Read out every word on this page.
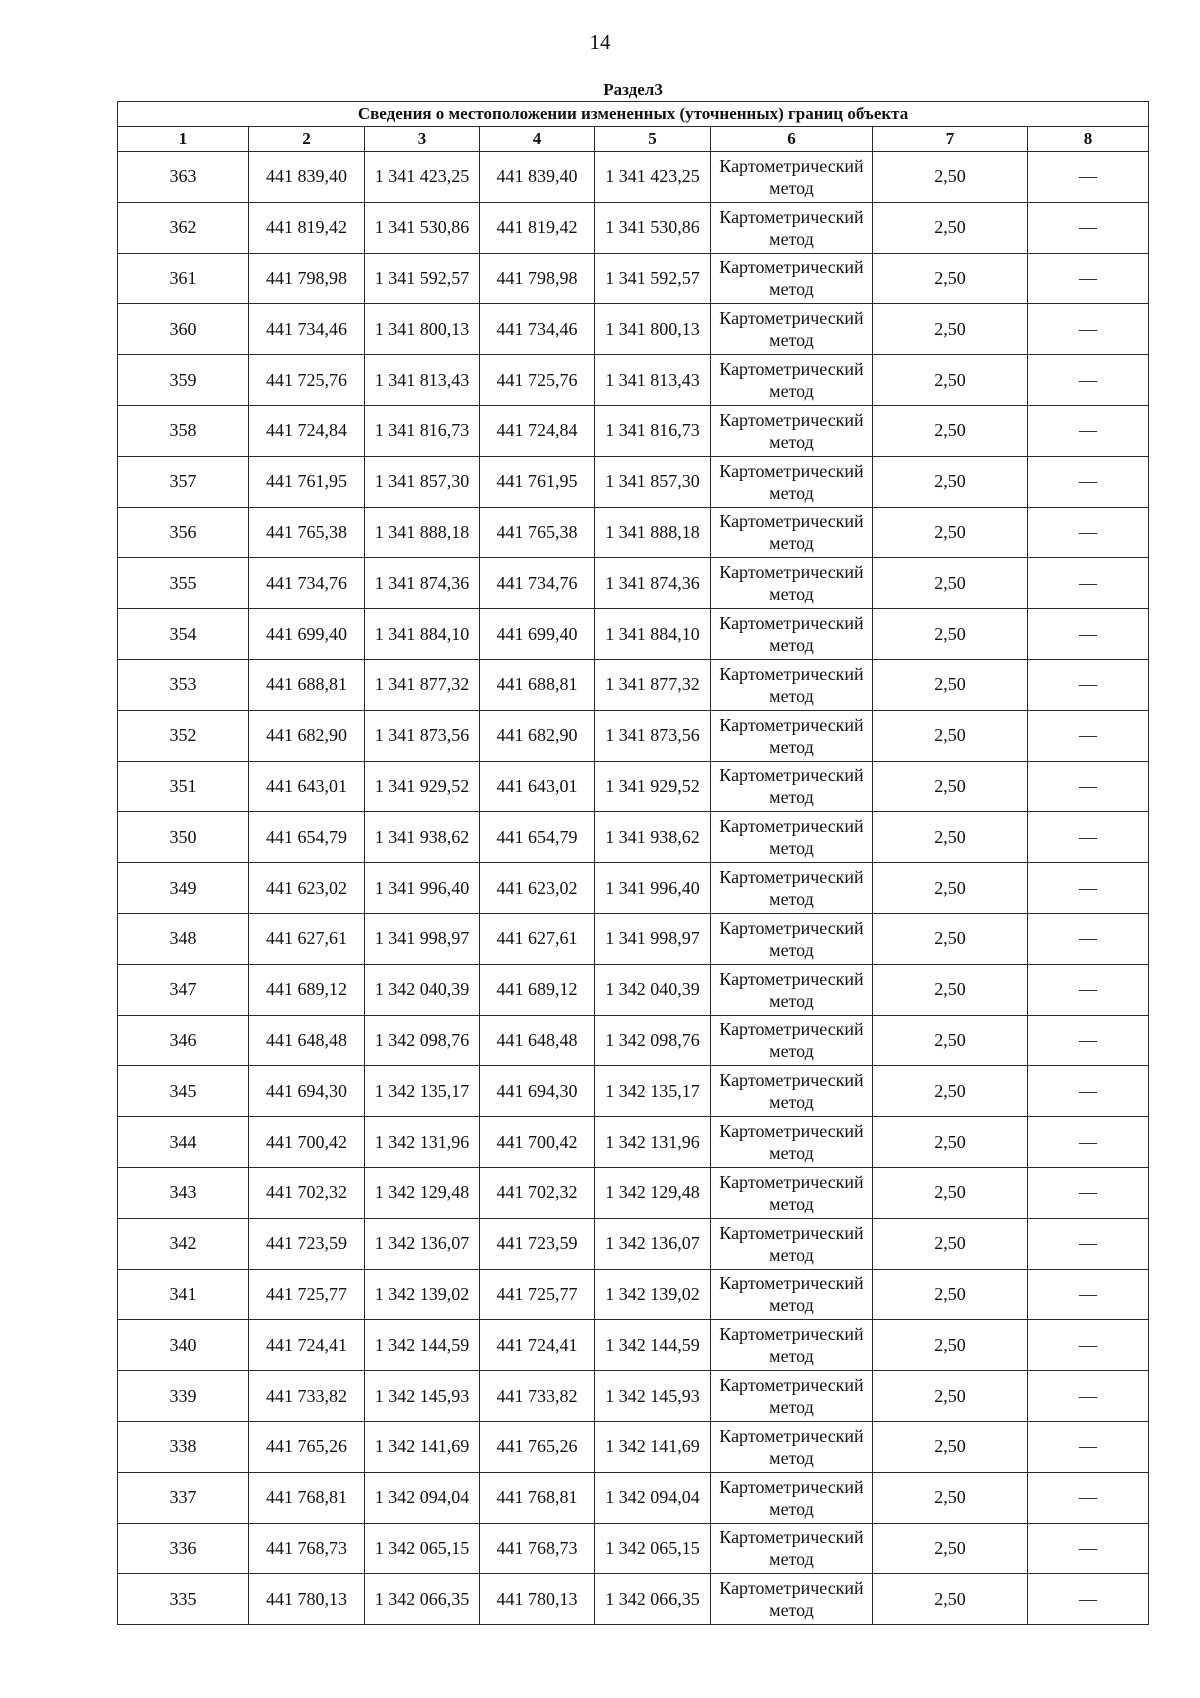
14
Раздел3							
Сведения о местоположении измененных (уточненных) границ объекта							
1	2	3	4	5	6	7	8
363	441 839,40	1 341 423,25	441 839,40	1 341 423,25	Картометрический метод	2,50	—
362	441 819,42	1 341 530,86	441 819,42	1 341 530,86	Картометрический метод	2,50	—
361	441 798,98	1 341 592,57	441 798,98	1 341 592,57	Картометрический метод	2,50	—
360	441 734,46	1 341 800,13	441 734,46	1 341 800,13	Картометрический метод	2,50	—
359	441 725,76	1 341 813,43	441 725,76	1 341 813,43	Картометрический метод	2,50	—
358	441 724,84	1 341 816,73	441 724,84	1 341 816,73	Картометрический метод	2,50	—
357	441 761,95	1 341 857,30	441 761,95	1 341 857,30	Картометрический метод	2,50	—
356	441 765,38	1 341 888,18	441 765,38	1 341 888,18	Картометрический метод	2,50	—
355	441 734,76	1 341 874,36	441 734,76	1 341 874,36	Картометрический метод	2,50	—
354	441 699,40	1 341 884,10	441 699,40	1 341 884,10	Картометрический метод	2,50	—
353	441 688,81	1 341 877,32	441 688,81	1 341 877,32	Картометрический метод	2,50	—
352	441 682,90	1 341 873,56	441 682,90	1 341 873,56	Картометрический метод	2,50	—
351	441 643,01	1 341 929,52	441 643,01	1 341 929,52	Картометрический метод	2,50	—
350	441 654,79	1 341 938,62	441 654,79	1 341 938,62	Картометрический метод	2,50	—
349	441 623,02	1 341 996,40	441 623,02	1 341 996,40	Картометрический метод	2,50	—
348	441 627,61	1 341 998,97	441 627,61	1 341 998,97	Картометрический метод	2,50	—
347	441 689,12	1 342 040,39	441 689,12	1 342 040,39	Картометрический метод	2,50	—
346	441 648,48	1 342 098,76	441 648,48	1 342 098,76	Картометрический метод	2,50	—
345	441 694,30	1 342 135,17	441 694,30	1 342 135,17	Картометрический метод	2,50	—
344	441 700,42	1 342 131,96	441 700,42	1 342 131,96	Картометрический метод	2,50	—
343	441 702,32	1 342 129,48	441 702,32	1 342 129,48	Картометрический метод	2,50	—
342	441 723,59	1 342 136,07	441 723,59	1 342 136,07	Картометрический метод	2,50	—
341	441 725,77	1 342 139,02	441 725,77	1 342 139,02	Картометрический метод	2,50	—
340	441 724,41	1 342 144,59	441 724,41	1 342 144,59	Картометрический метод	2,50	—
339	441 733,82	1 342 145,93	441 733,82	1 342 145,93	Картометрический метод	2,50	—
338	441 765,26	1 342 141,69	441 765,26	1 342 141,69	Картометрический метод	2,50	—
337	441 768,81	1 342 094,04	441 768,81	1 342 094,04	Картометрический метод	2,50	—
336	441 768,73	1 342 065,15	441 768,73	1 342 065,15	Картометрический метод	2,50	—
335	441 780,13	1 342 066,35	441 780,13	1 342 066,35	Картометрический метод	2,50	—
